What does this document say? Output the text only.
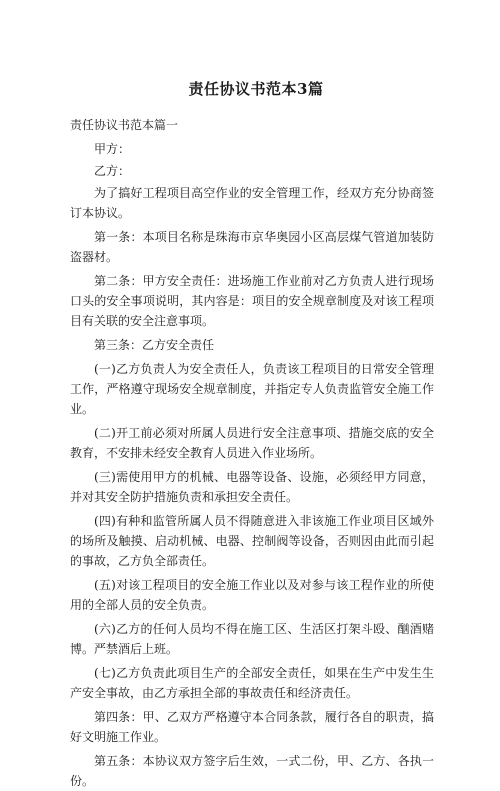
责任协议书范本3篇
责任协议书范本篇一

甲方：

乙方：

为了搞好工程项目高空作业的安全管理工作，经双方充分协商签订本协议。

第一条：本项目名称是珠海市京华奥园小区高层煤气管道加装防盗器材。

第二条：甲方安全责任：进场施工作业前对乙方负责人进行现场口头的安全事项说明，其内容是：项目的安全规章制度及对该工程项目有关联的安全注意事项。

第三条：乙方安全责任

(一)乙方负责人为安全责任人，负责该工程项目的日常安全管理工作，严格遵守现场安全规章制度，并指定专人负责监管安全施工作业。

(二)开工前必须对所属人员进行安全注意事项、措施交底的安全教育，不安排未经安全教育人员进入作业场所。

(三)需使用甲方的机械、电器等设备、设施，必须经甲方同意，并对其安全防护措施负责和承担安全责任。

(四)有种和监管所属人员不得随意进入非该施工作业项目区域外的场所及触摸、启动机械、电器、控制阀等设备，否则因由此而引起的事故，乙方负全部责任。

(五)对该工程项目的安全施工作业以及对参与该工程作业的所使用的全部人员的安全负责。

(六)乙方的任何人员均不得在施工区、生活区打架斗殴、酗酒赌博。严禁酒后上班。

(七)乙方负责此项目生产的全部安全责任，如果在生产中发生生产安全事故，由乙方承担全部的事故责任和经济责任。

第四条：甲、乙双方严格遵守本合同条款，履行各自的职责，搞好文明施工作业。

第五条：本协议双方签字后生效，一式二份，甲、乙方、各执一份。
